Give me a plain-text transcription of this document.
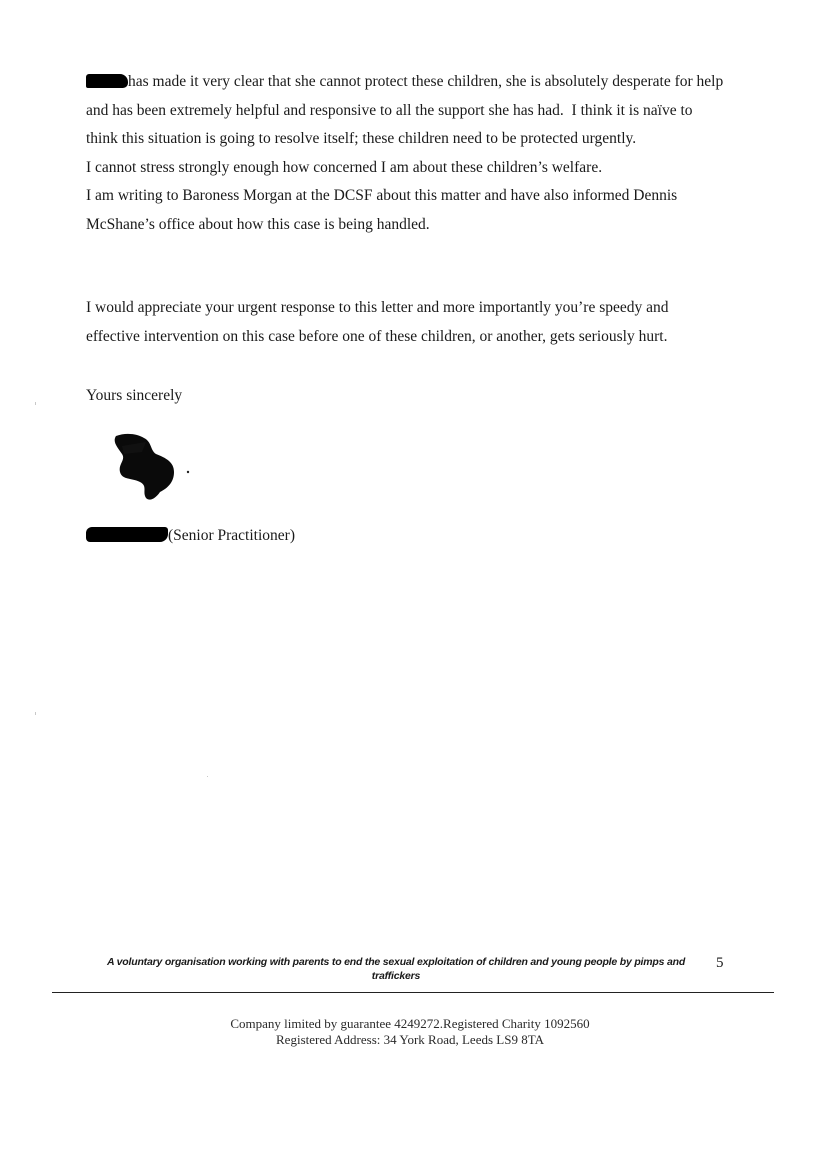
has made it very clear that she cannot protect these children, she is absolutely desperate for help and has been extremely helpful and responsive to all the support she has had. I think it is naïve to think this situation is going to resolve itself; these children need to be protected urgently.
I cannot stress strongly enough how concerned I am about these children’s welfare.
I am writing to Baroness Morgan at the DCSF about this matter and have also informed Dennis McShane’s office about how this case is being handled.
I would appreciate your urgent response to this letter and more importantly you’re speedy and effective intervention on this case before one of these children, or another, gets seriously hurt.
Yours sincerely
(Senior Practitioner)
A voluntary organisation working with parents to end the sexual exploitation of children and young people by pimps and traffickers
5
Company limited by guarantee 4249272.Registered Charity 1092560
Registered Address: 34 York Road, Leeds LS9 8TA
